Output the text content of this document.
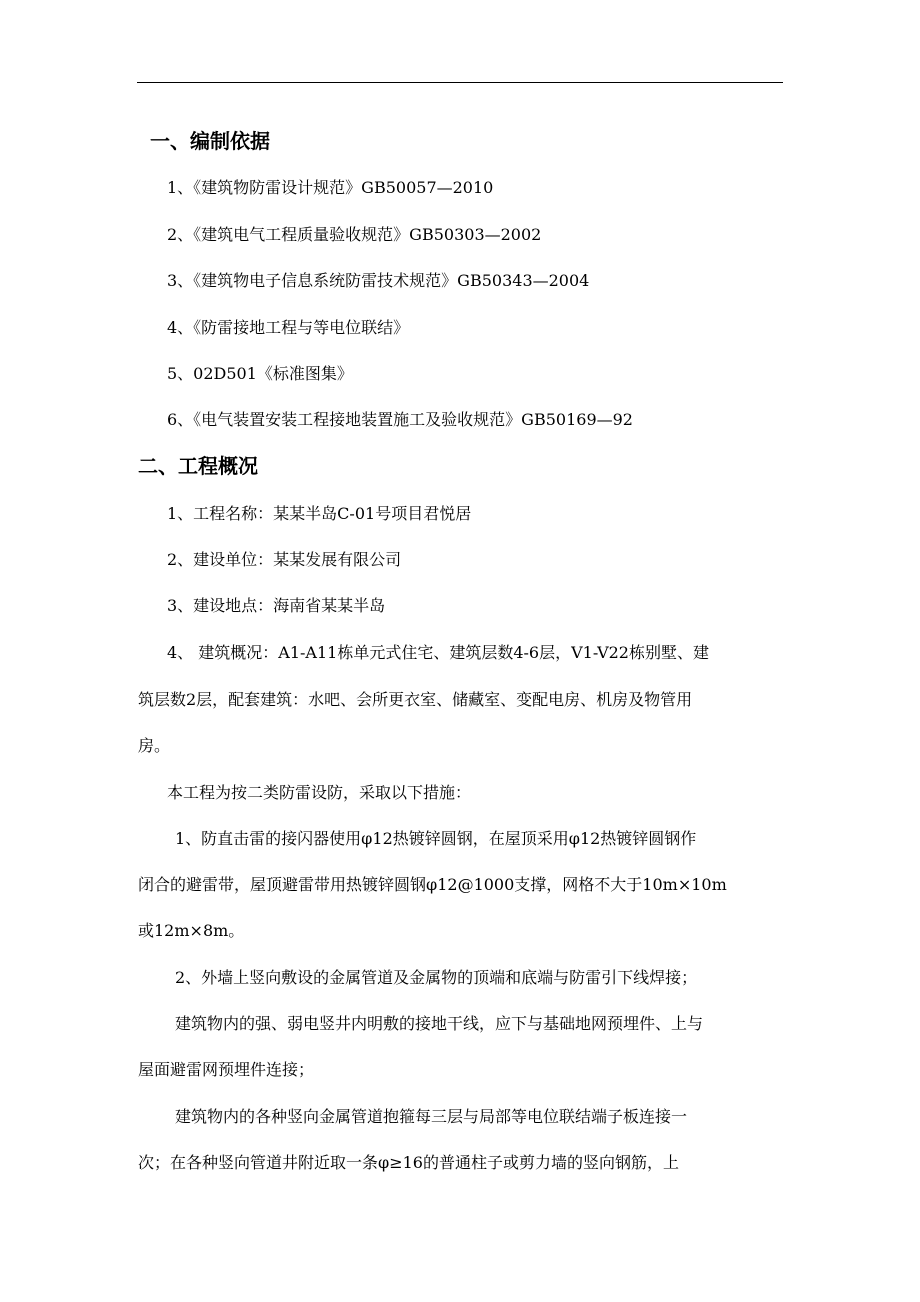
一、编制依据
1、《建筑物防雷设计规范》GB50057—2010
2、《建筑电气工程质量验收规范》GB50303—2002
3、《建筑物电子信息系统防雷技术规范》GB50343—2004
4、《防雷接地工程与等电位联结》
5、02D501《标准图集》
6、《电气装置安装工程接地装置施工及验收规范》GB50169—92
二、工程概况
1、工程名称：某某半岛C-01号项目君悦居
2、建设单位：某某发展有限公司
3、建设地点：海南省某某半岛
4、 建筑概况：A1-A11栋单元式住宅、建筑层数4-6层，V1-V22栋别墅、建
筑层数2层，配套建筑：水吧、会所更衣室、储藏室、变配电房、机房及物管用
房。
本工程为按二类防雷设防，采取以下措施：
1、防直击雷的接闪器使用φ12热镀锌圆钢，在屋顶采用φ12热镀锌圆钢作
闭合的避雷带，屋顶避雷带用热镀锌圆钢φ12@1000支撑，网格不大于10m×10m
或12m×8m。
2、外墙上竖向敷设的金属管道及金属物的顶端和底端与防雷引下线焊接；
建筑物内的强、弱电竖井内明敷的接地干线，应下与基础地网预埋件、上与
屋面避雷网预埋件连接；
建筑物内的各种竖向金属管道抱箍每三层与局部等电位联结端子板连接一
次；在各种竖向管道井附近取一条φ≥16的普通柱子或剪力墙的竖向钢筋，上
